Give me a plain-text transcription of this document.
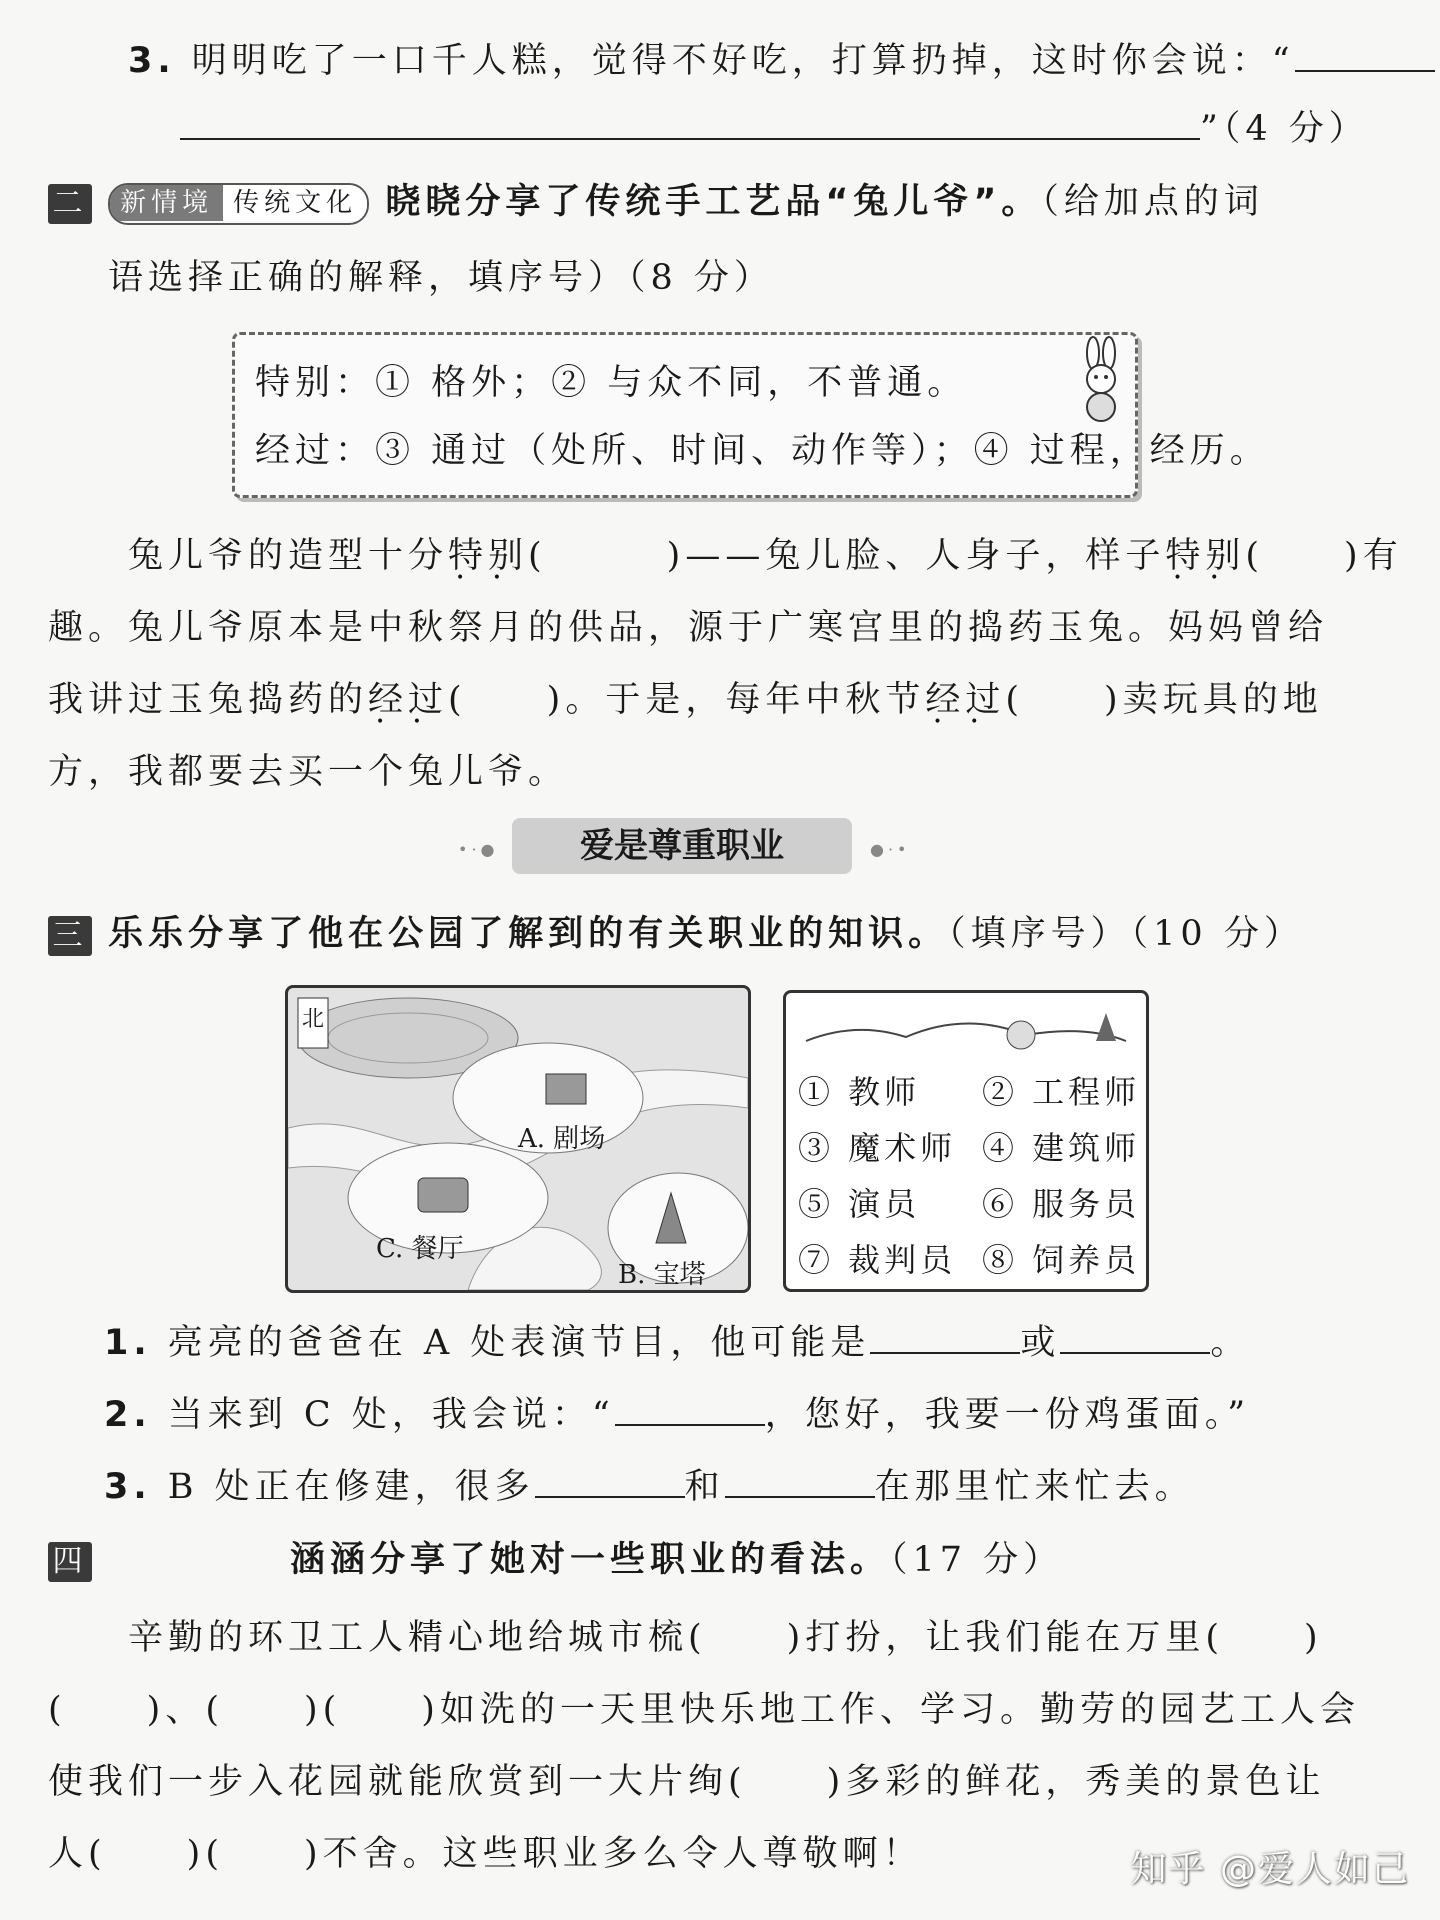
3. 明明吃了一口千人糕，觉得不好吃，打算扔掉，这时你会说：“
”（4 分）
二 新情境 传统文化 晓晓分享了传统手工艺品“兔儿爷”。（给加点的词
语选择正确的解释，填序号）（8 分）
特别：① 格外；② 与众不同，不普通。
经过：③ 通过（处所、时间、动作等）；④ 过程，经历。
兔儿爷的造型十分特别 • •(　　　)——兔儿脸、人身子，样子特别 • •(　　)有
趣。兔儿爷原本是中秋祭月的供品，源于广寒宫里的捣药玉兔。妈妈曾给
我讲过玉兔捣药的经过 • •(　　)。于是，每年中秋节经过 • •(　　)卖玩具的地
方，我都要去买一个兔儿爷。
•·●	●·•
爱是尊重职业
三 乐乐分享了他在公园了解到的有关职业的知识。（填序号）（10 分）
北
A. 剧场
B. 宝塔
C. 餐厅
① 教师 ② 工程师
③ 魔术师 ④ 建筑师
⑤ 演员 ⑥ 服务员
⑦ 裁判员 ⑧ 饲养员
1. 亮亮的爸爸在 A 处表演节目，他可能是	或	。
2. 当来到 C 处，我会说：“	，您好，我要一份鸡蛋面。”
3. B 处正在修建，很多	和	在那里忙来忙去。
四	涵涵分享了她对一些职业的看法。（17 分）
辛勤的环卫工人精心地给城市梳(　　)打扮，让我们能在万里(　　)
(　　)、(　　)(　　)如洗的一天里快乐地工作、学习。勤劳的园艺工人会
使我们一步入花园就能欣赏到一大片绚(　　)多彩的鲜花，秀美的景色让
人(　　)(　　)不舍。这些职业多么令人尊敬啊！	知乎 @爱人如己
